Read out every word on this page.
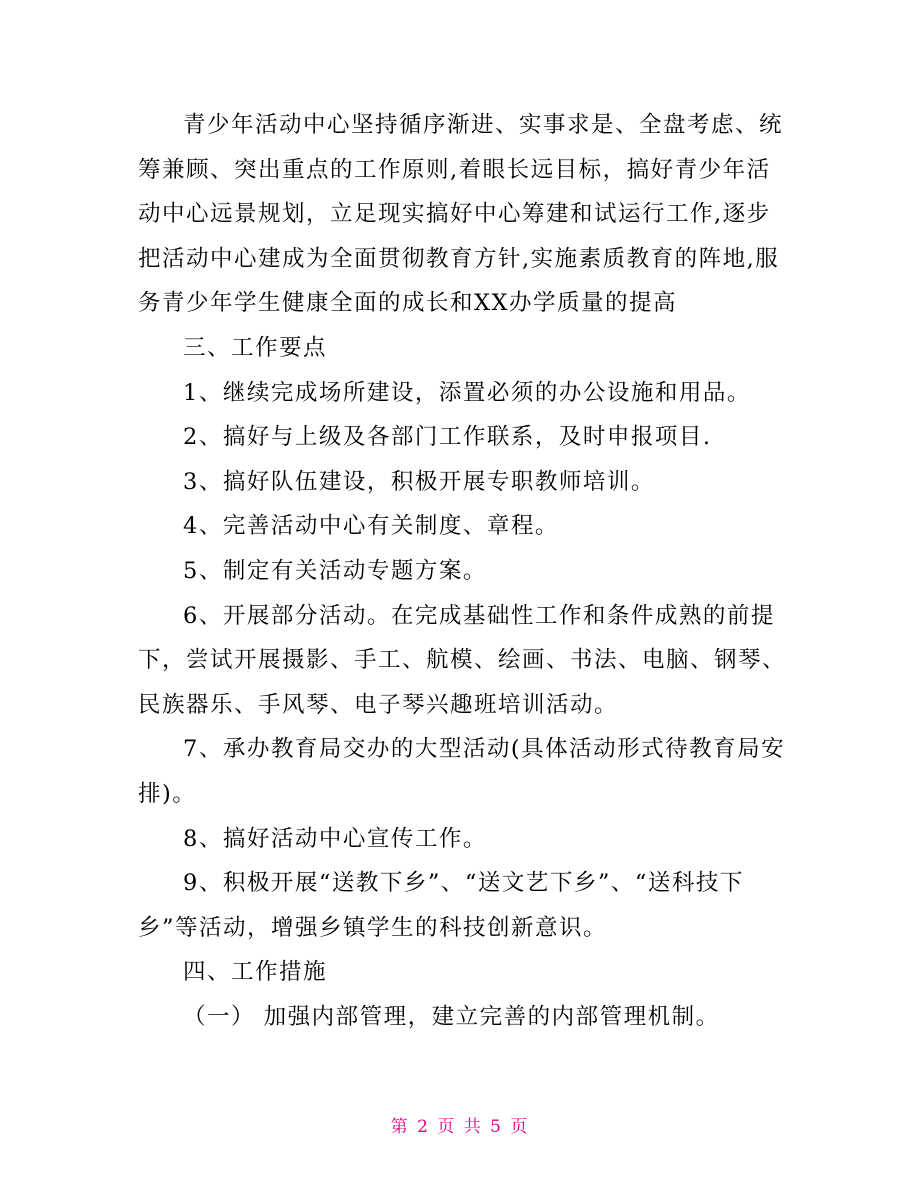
青少年活动中心坚持循序渐进、实事求是、全盘考虑、统筹兼顾、突出重点的工作原则,着眼长远目标，搞好青少年活动中心远景规划，立足现实搞好中心筹建和试运行工作,逐步把活动中心建成为全面贯彻教育方针,实施素质教育的阵地,服务青少年学生健康全面的成长和XX办学质量的提高

三、工作要点

1、继续完成场所建设，添置必须的办公设施和用品。

2、搞好与上级及各部门工作联系，及时申报项目.

3、搞好队伍建设，积极开展专职教师培训。

4、完善活动中心有关制度、章程。

5、制定有关活动专题方案。

6、开展部分活动。在完成基础性工作和条件成熟的前提下，尝试开展摄影、手工、航模、绘画、书法、电脑、钢琴、民族器乐、手风琴、电子琴兴趣班培训活动。

7、承办教育局交办的大型活动(具体活动形式待教育局安排)。

8、搞好活动中心宣传工作。

9、积极开展“送教下乡”、“送文艺下乡”、“送科技下乡”等活动，增强乡镇学生的科技创新意识。

四、工作措施

（一） 加强内部管理，建立完善的内部管理机制。

第 2 页 共 5 页
